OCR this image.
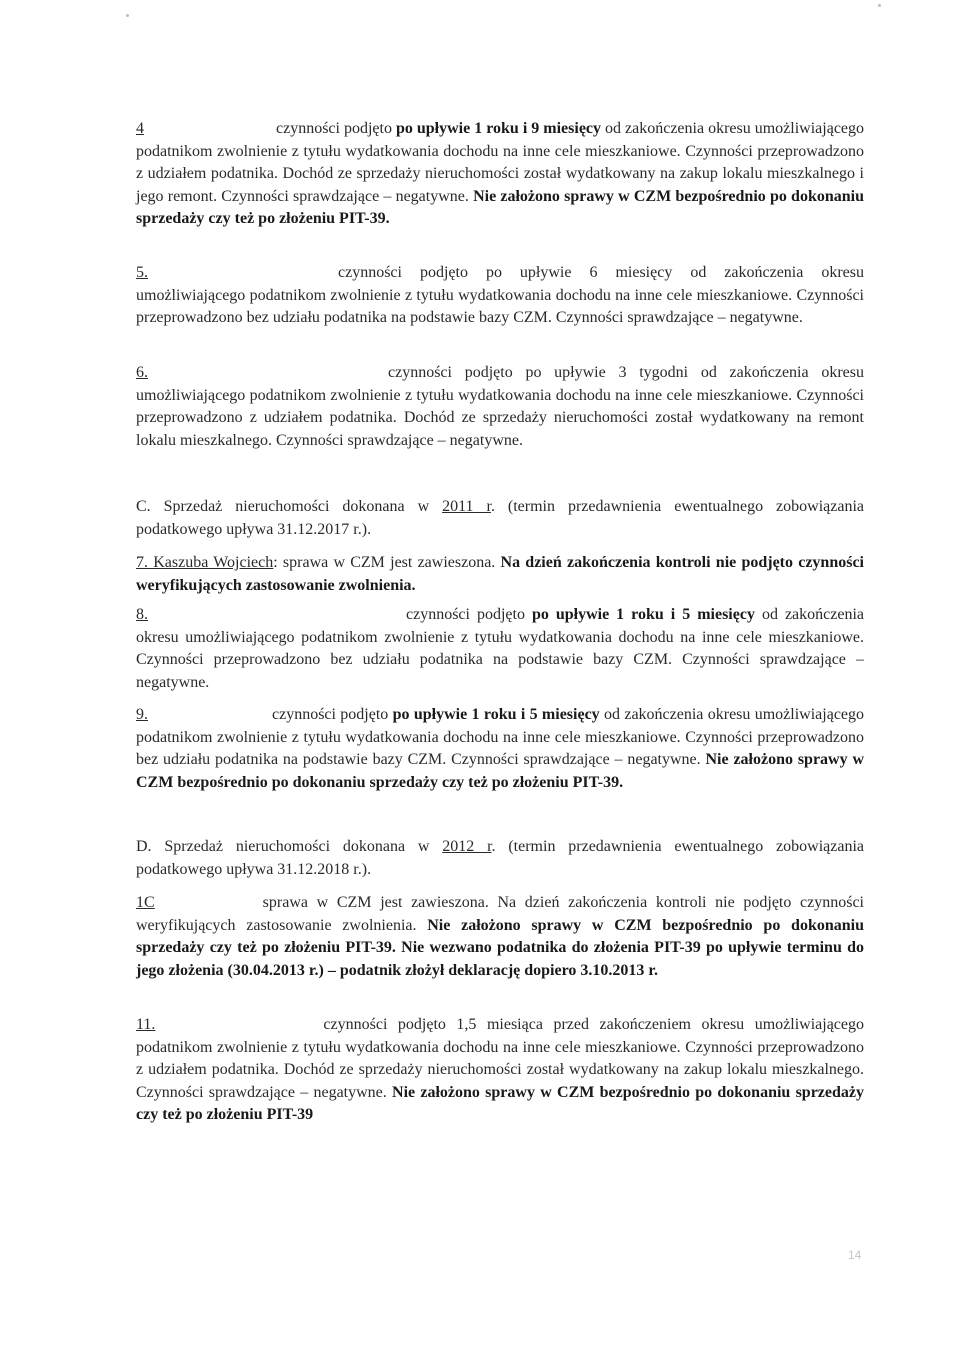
4	czynności podjęto po upływie 1 roku i 9 miesięcy od zakończenia okresu umożliwiającego podatnikom zwolnienie z tytułu wydatkowania dochodu na inne cele mieszkaniowe. Czynności przeprowadzono z udziałem podatnika. Dochód ze sprzedaży nieruchomości został wydatkowany na zakup lokalu mieszkalnego i jego remont. Czynności sprawdzające – negatywne. Nie założono sprawy w CZM bezpośrednio po dokonaniu sprzedaży czy też po złożeniu PIT-39.
5.	czynności podjęto po upływie 6 miesięcy od zakończenia okresu umożliwiającego podatnikom zwolnienie z tytułu wydatkowania dochodu na inne cele mieszkaniowe. Czynności przeprowadzono bez udziału podatnika na podstawie bazy CZM. Czynności sprawdzające – negatywne.
6.	czynności podjęto po upływie 3 tygodni od zakończenia okresu umożliwiającego podatnikom zwolnienie z tytułu wydatkowania dochodu na inne cele mieszkaniowe. Czynności przeprowadzono z udziałem podatnika. Dochód ze sprzedaży nieruchomości został wydatkowany na remont lokalu mieszkalnego. Czynności sprawdzające – negatywne.
C. Sprzedaż nieruchomości dokonana w 2011 r. (termin przedawnienia ewentualnego zobowiązania podatkowego upływa 31.12.2017 r.).
7. Kaszuba Wojciech: sprawa w CZM jest zawieszona. Na dzień zakończenia kontroli nie podjęto czynności weryfikujących zastosowanie zwolnienia.
8.	czynności podjęto po upływie 1 roku i 5 miesięcy od zakończenia okresu umożliwiającego podatnikom zwolnienie z tytułu wydatkowania dochodu na inne cele mieszkaniowe. Czynności przeprowadzono bez udziału podatnika na podstawie bazy CZM. Czynności sprawdzające – negatywne.
9.	czynności podjęto po upływie 1 roku i 5 miesięcy od zakończenia okresu umożliwiającego podatnikom zwolnienie z tytułu wydatkowania dochodu na inne cele mieszkaniowe. Czynności przeprowadzono bez udziału podatnika na podstawie bazy CZM. Czynności sprawdzające – negatywne. Nie założono sprawy w CZM bezpośrednio po dokonaniu sprzedaży czy też po złożeniu PIT-39.
D. Sprzedaż nieruchomości dokonana w 2012 r. (termin przedawnienia ewentualnego zobowiązania podatkowego upływa 31.12.2018 r.).
1C	sprawa w CZM jest zawieszona. Na dzień zakończenia kontroli nie podjęto czynności weryfikujących zastosowanie zwolnienia. Nie założono sprawy w CZM bezpośrednio po dokonaniu sprzedaży czy też po złożeniu PIT-39. Nie wezwano podatnika do złożenia PIT-39 po upływie terminu do jego złożenia (30.04.2013 r.) – podatnik złożył deklarację dopiero 3.10.2013 r.
11.	czynności podjęto 1,5 miesiąca przed zakończeniem okresu umożliwiającego podatnikom zwolnienie z tytułu wydatkowania dochodu na inne cele mieszkaniowe. Czynności przeprowadzono z udziałem podatnika. Dochód ze sprzedaży nieruchomości został wydatkowany na zakup lokalu mieszkalnego. Czynności sprawdzające – negatywne. Nie założono sprawy w CZM bezpośrednio po dokonaniu sprzedaży czy też po złożeniu PIT-39
14
